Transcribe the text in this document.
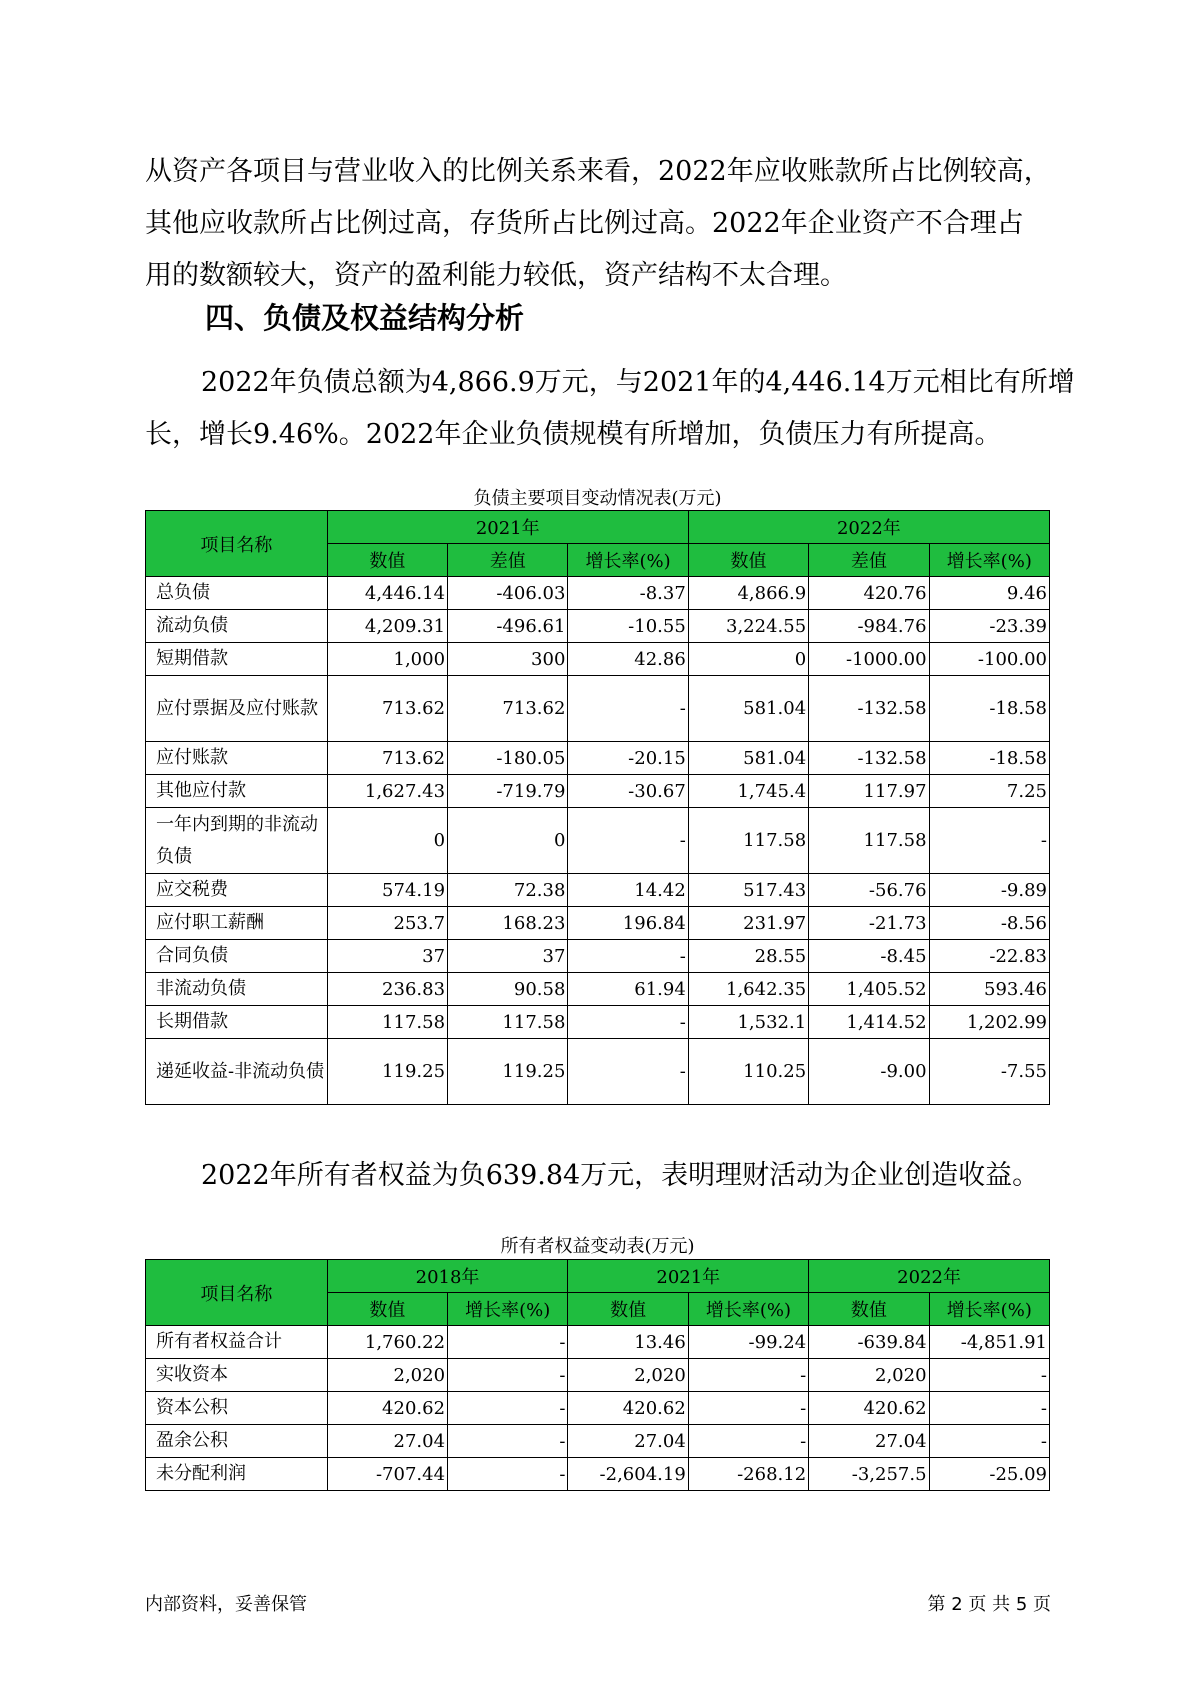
从资产各项目与营业收入的比例关系来看，2022年应收账款所占比例较高，
其他应收款所占比例过高，存货所占比例过高。2022年企业资产不合理占
用的数额较大，资产的盈利能力较低，资产结构不太合理。

四、负债及权益结构分析

2022年负债总额为4,866.9万元，与2021年的4,446.14万元相比有所增
长，增长9.46%。2022年企业负债规模有所增加，负债压力有所提高。

负债主要项目变动情况表(万元)

项目名称	2021年			2022年		
	数值	差值	增长率(%)	数值	差值	增长率(%)
总负债	4,446.14	-406.03	-8.37	4,866.9	420.76	9.46
流动负债	4,209.31	-496.61	-10.55	3,224.55	-984.76	-23.39
短期借款	1,000	300	42.86	0	-1000.00	-100.00
应付票据及应付账款	713.62	713.62	-	581.04	-132.58	-18.58
应付账款	713.62	-180.05	-20.15	581.04	-132.58	-18.58
其他应付款	1,627.43	-719.79	-30.67	1,745.4	117.97	7.25
一年内到期的非流动负债	0	0	-	117.58	117.58	-
应交税费	574.19	72.38	14.42	517.43	-56.76	-9.89
应付职工薪酬	253.7	168.23	196.84	231.97	-21.73	-8.56
合同负债	37	37	-	28.55	-8.45	-22.83
非流动负债	236.83	90.58	61.94	1,642.35	1,405.52	593.46
长期借款	117.58	117.58	-	1,532.1	1,414.52	1,202.99
递延收益-非流动负债	119.25	119.25	-	110.25	-9.00	-7.55

2022年所有者权益为负639.84万元，表明理财活动为企业创造收益。

所有者权益变动表(万元)

项目名称	2018年		2021年		2022年	
	数值	增长率(%)	数值	增长率(%)	数值	增长率(%)
所有者权益合计	1,760.22	-	13.46	-99.24	-639.84	-4,851.91
实收资本	2,020	-	2,020	-	2,020	-
资本公积	420.62	-	420.62	-	420.62	-
盈余公积	27.04	-	27.04	-	27.04	-
未分配利润	-707.44	-	-2,604.19	-268.12	-3,257.5	-25.09

内部资料，妥善保管	第 2 页 共 5 页
